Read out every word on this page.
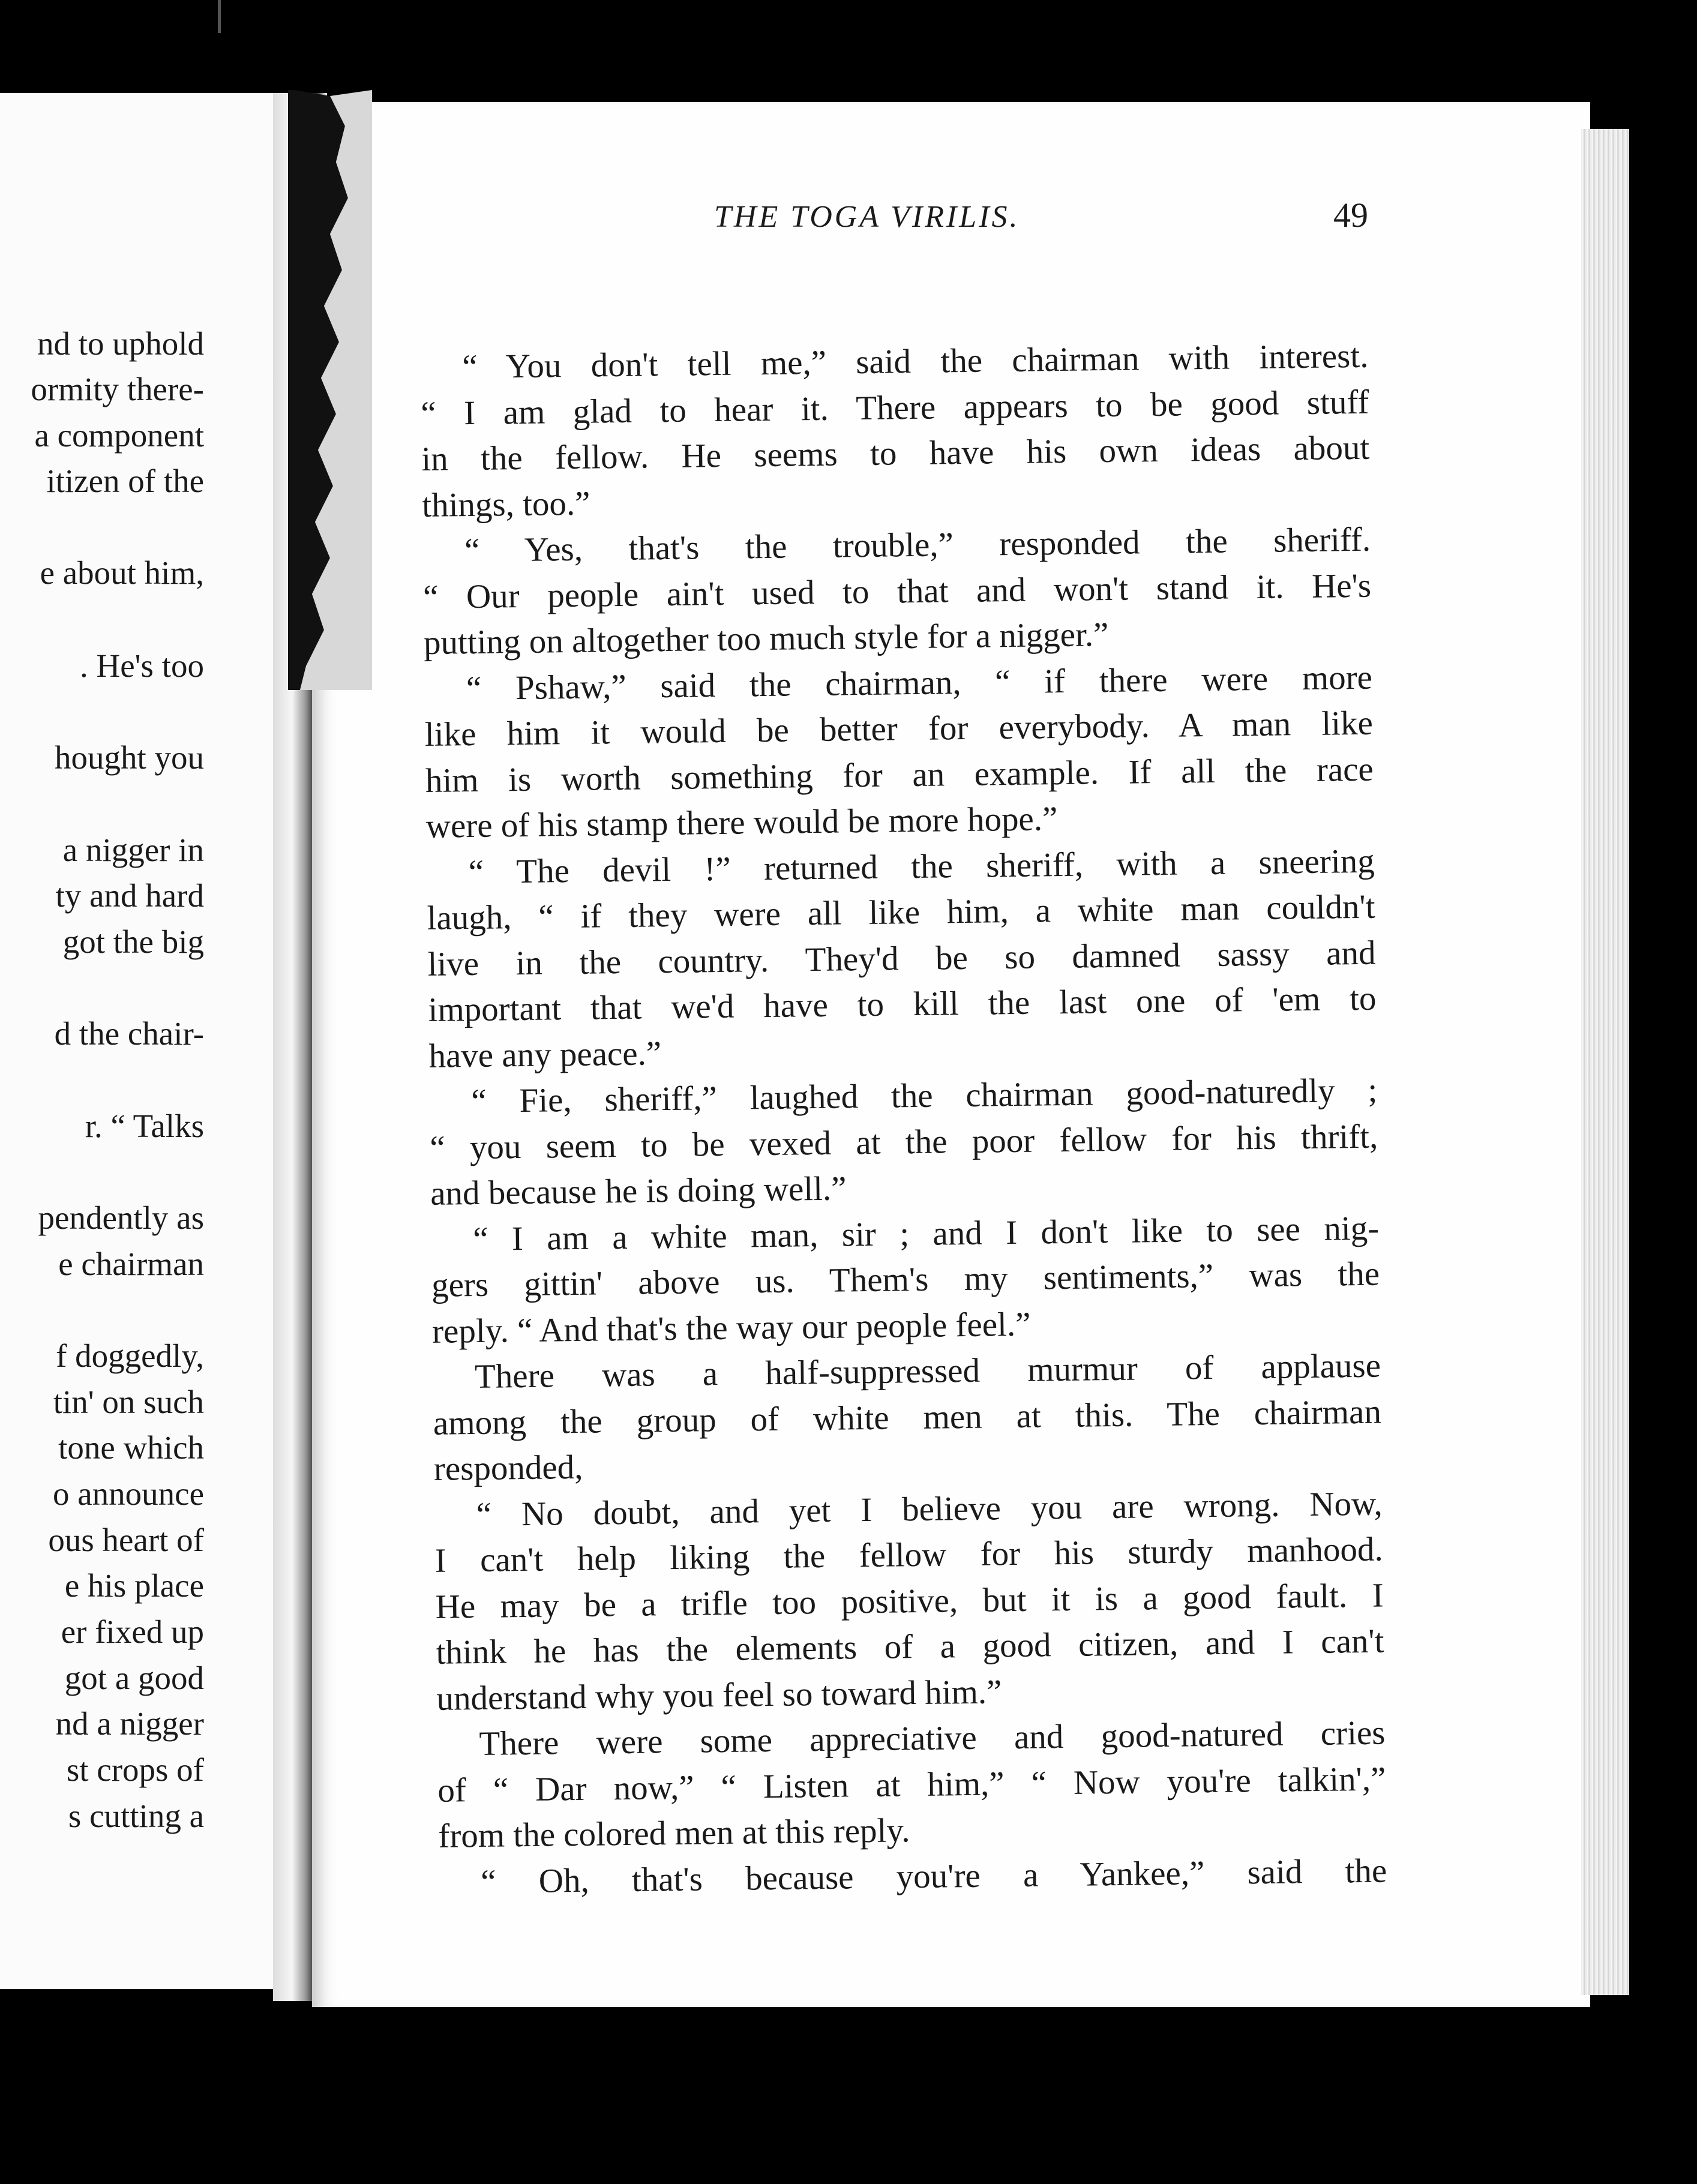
nd to uphold
ormity there-
a component
itizen of the
e about him,
. He's too
hought you
a nigger in
ty and hard
got the big
d the chair-
r. “ Talks
pendently as
e chairman
f doggedly,
tin' on such
tone which
o announce
ous heart of
e his place
er fixed up
got a good
nd a nigger
st crops of
s cutting a
THE TOGA VIRILIS.	49
“ You don't tell me,” said the chairman with interest.
“ I am glad to hear it. There appears to be good stuff
in the fellow. He seems to have his own ideas about
things, too.”
“ Yes, that's the trouble,” responded the sheriff.
“ Our people ain't used to that and won't stand it. He's
putting on altogether too much style for a nigger.”
“ Pshaw,” said the chairman, “ if there were more
like him it would be better for everybody. A man like
him is worth something for an example. If all the race
were of his stamp there would be more hope.”
“ The devil !” returned the sheriff, with a sneering
laugh, “ if they were all like him, a white man couldn't
live in the country. They'd be so damned sassy and
important that we'd have to kill the last one of 'em to
have any peace.”
“ Fie, sheriff,” laughed the chairman good-naturedly ;
“ you seem to be vexed at the poor fellow for his thrift,
and because he is doing well.”
“ I am a white man, sir ; and I don't like to see nig-
gers gittin' above us. Them's my sentiments,” was the
reply. “ And that's the way our people feel.”
There was a half-suppressed murmur of applause
among the group of white men at this. The chairman
responded,
“ No doubt, and yet I believe you are wrong. Now,
I can't help liking the fellow for his sturdy manhood.
He may be a trifle too positive, but it is a good fault. I
think he has the elements of a good citizen, and I can't
understand why you feel so toward him.”
There were some appreciative and good-natured cries
of “ Dar now,” “ Listen at him,” “ Now you're talkin',”
from the colored men at this reply.
“ Oh, that's because you're a Yankee,” said the
